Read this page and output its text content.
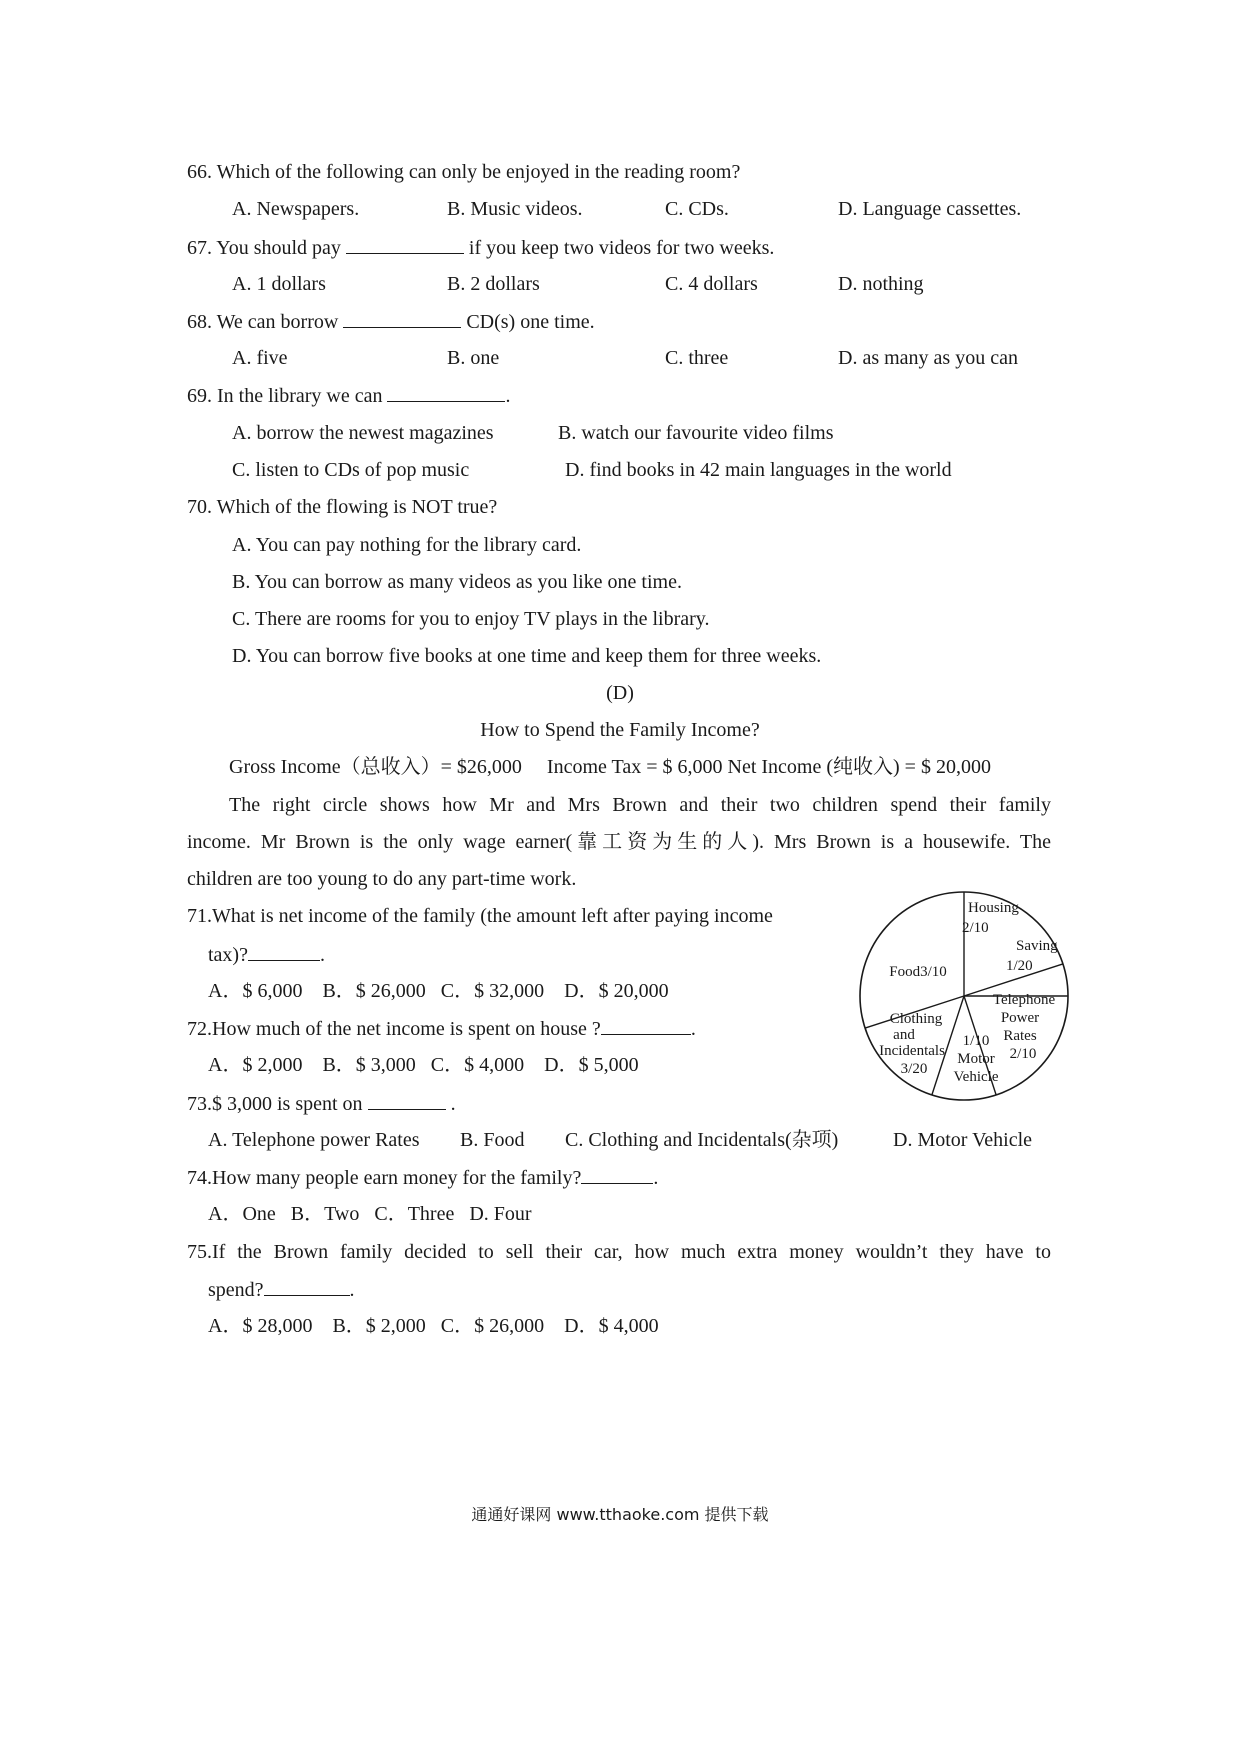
66. Which of the following can only be enjoyed in the reading room?
A. Newspapers.	B. Music videos.	C. CDs.	D. Language cassettes.
67. You should pay	if you keep two videos for two weeks.
A. 1 dollars	B. 2 dollars	C. 4 dollars	D. nothing
68. We can borrow	CD(s) one time.
A. five	B. one	C. three	D. as many as you can
69. In the library we can	.
A. borrow the newest magazines	B. watch our favourite video films
C. listen to CDs of pop music	D. find books in 42 main languages in the world
70. Which of the flowing is NOT true?
A. You can pay nothing for the library card.
B. You can borrow as many videos as you like one time.
C. There are rooms for you to enjoy TV plays in the library.
D. You can borrow five books at one time and keep them for three weeks.
(D)
How to Spend the Family Income?
Gross Income（总收入）= $26,000     Income Tax = $ 6,000 Net Income (纯收入) = $ 20,000
The right circle shows how Mr and Mrs Brown and their two children spend their family
income. Mr Brown is the only wage earner(靠工资为生的人). Mrs Brown is a housewife. The
children are too young to do any part-time work.
71.What is net income of the family (the amount left after paying income
tax)?	.
A．$ 6,000    B．$ 26,000   C．$ 32,000    D．$ 20,000
72.How much of the net income is spent on house ?	.
A．$ 2,000    B．$ 3,000   C．$ 4,000    D．$ 5,000
73.$ 3,000 is spent on	.
A. Telephone power Rates B. Food C. Clothing and Incidentals(杂项)	D. Motor Vehicle
74.How many people earn money for the family?	.
A．One   B．Two   C．Three   D. Four
75.If the Brown family decided to sell their car, how much extra money wouldn’t they have to
spend?	.
A．$ 28,000    B．$ 2,000   C．$ 26,000    D．$ 4,000
Housing
2/10
Saving
1/20
Telephone
Power
Rates
2/10
1/10
Motor
Vehicle
Clothing
and
Incidentals
3/20
Food3/10
通通好课网 www.tthaoke.com 提供下载
